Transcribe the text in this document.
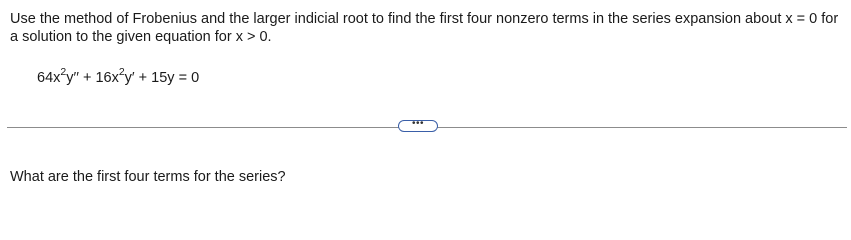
Use the method of Frobenius and the larger indicial root to find the first four nonzero terms in the series expansion about x = 0 for a solution to the given equation for x > 0.

$64x^2y'' + 16x^2y' + 15y = 0$
•••

What are the first four terms for the series?
